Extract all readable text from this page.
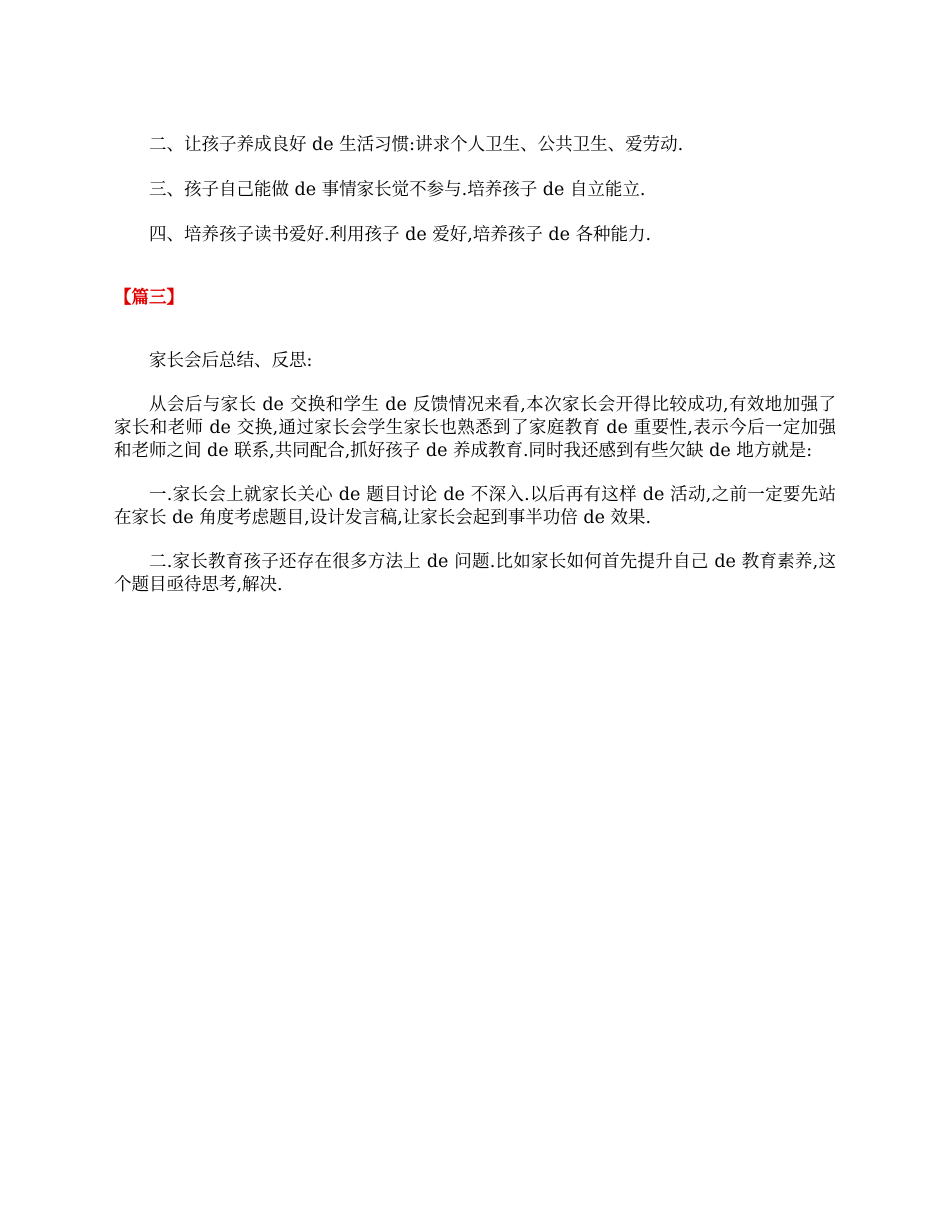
二、让孩子养成良好 de 生活习惯:讲求个人卫生、公共卫生、爱劳动.

三、孩子自己能做 de 事情家长觉不参与.培养孩子 de 自立能立.

四、培养孩子读书爱好.利用孩子 de 爱好,培养孩子 de 各种能力.

【篇三】

家长会后总结、反思:

从会后与家长 de 交换和学生 de 反馈情况来看,本次家长会开得比较成功,有效地加强了家长和老师 de 交换,通过家长会学生家长也熟悉到了家庭教育 de 重要性,表示今后一定加强和老师之间 de 联系,共同配合,抓好孩子 de 养成教育.同时我还感到有些欠缺 de 地方就是:

一.家长会上就家长关心 de 题目讨论 de 不深入.以后再有这样 de 活动,之前一定要先站在家长 de 角度考虑题目,设计发言稿,让家长会起到事半功倍 de 效果.

二.家长教育孩子还存在很多方法上 de 问题.比如家长如何首先提升自己 de 教育素养,这个题目亟待思考,解决.
